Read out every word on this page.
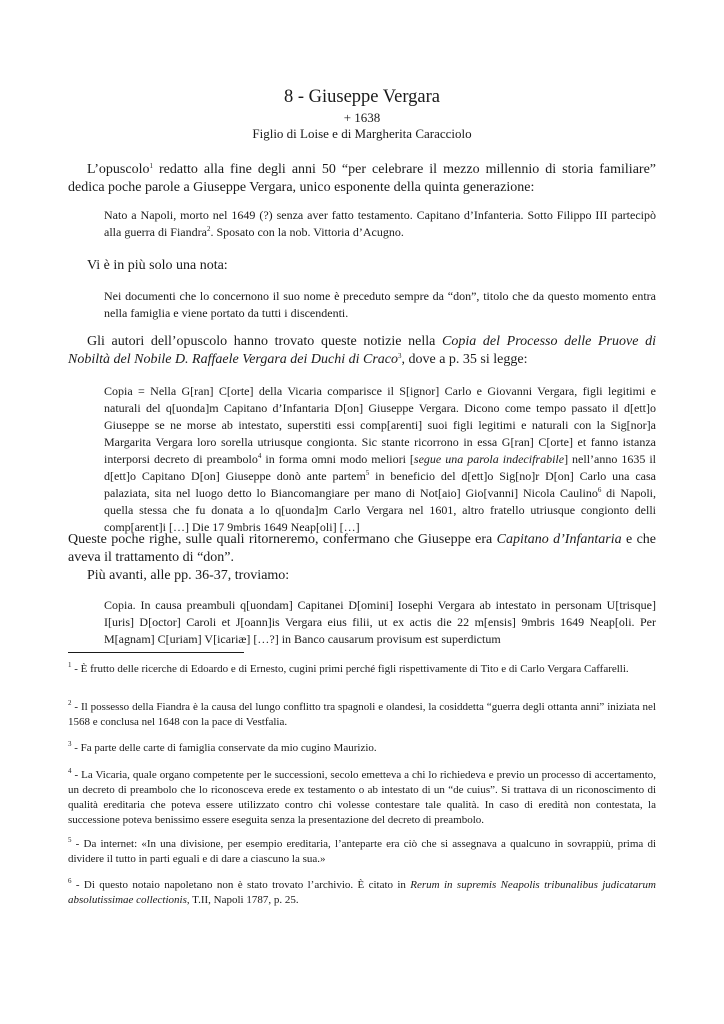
8 - Giuseppe Vergara
+ 1638
Figlio di Loise e di Margherita Caracciolo
L’opuscolo$^1$ redatto alla fine degli anni 50 “per celebrare il mezzo millennio di storia familiare” dedica poche parole a Giuseppe Vergara, unico esponente della quinta generazione:
Nato a Napoli, morto nel 1649 (?) senza aver fatto testamento. Capitano d’Infanteria. Sotto Filippo III partecipò alla guerra di Fiandra$^2$. Sposato con la nob. Vittoria d’Acugno.
Vi è in più solo una nota:
Nei documenti che lo concernono il suo nome è preceduto sempre da “don”, titolo che da questo momento entra nella famiglia e viene portato da tutti i discendenti.
Gli autori dell’opuscolo hanno trovato queste notizie nella Copia del Processo delle Pruove di Nobiltà del Nobile D. Raffaele Vergara dei Duchi di Craco$^3$, dove a p. 35 si legge:
Copia = Nella G[ran] C[orte] della Vicaria comparisce il S[ignor] Carlo e Giovanni Vergara, figli legitimi e naturali del q[uonda]m Capitano d’Infantaria D[on] Giuseppe Vergara. Dicono come tempo passato il d[ett]o Giuseppe se ne morse ab intestato, superstiti essi comp[arenti] suoi figli legitimi e naturali con la Sig[nor]a Margarita Vergara loro sorella utriusque congionta. Sic stante ricorrono in essa G[ran] C[orte] et fanno istanza interporsi decreto di preambolo$^4$ in forma omni modo meliori [segue una parola indecifrabile] nell’anno 1635 il d[ett]o Capitano D[on] Giuseppe donò ante partem$^5$ in beneficio del d[ett]o Sig[no]r D[on] Carlo una casa palaziata, sita nel luogo detto lo Biancomangiare per mano di Not[aio] Gio[vanni] Nicola Caulino$^6$ di Napoli, quella stessa che fu donata a lo q[uonda]m Carlo Vergara nel 1601, altro fratello utriusque congionto delli comp[arent]i […] Die 17 9mbris 1649 Neap[oli] […]
Queste poche righe, sulle quali ritorneremo, confermano che Giuseppe era Capitano d’Infantaria e che aveva il trattamento di “don”.
Più avanti, alle pp. 36-37, troviamo:
Copia. In causa preambuli q[uondam] Capitanei D[omini] Iosephi Vergara ab intestato in personam U[trisque] I[uris] D[octor] Caroli et J[oann]is Vergara eius filii, ut ex actis die 22 m[ensis] 9mbris 1649 Neap[oli. Per M[agnam] C[uriam] V[icariæ] […?] in Banco causarum provisum est superdictum
$^1$ - È frutto delle ricerche di Edoardo e di Ernesto, cugini primi perché figli rispettivamente di Tito e di Carlo Vergara Caffarelli.
$^2$ - Il possesso della Fiandra è la causa del lungo conflitto tra spagnoli e olandesi, la cosiddetta “guerra degli ottanta anni” iniziata nel 1568 e conclusa nel 1648 con la pace di Vestfalia.
$^3$ - Fa parte delle carte di famiglia conservate da mio cugino Maurizio.
$^4$ - La Vicaria, quale organo competente per le successioni, secolo emetteva a chi lo richiedeva e previo un processo di accertamento, un decreto di preambolo che lo riconosceva erede ex testamento o ab intestato di un “de cuius”. Si trattava di un riconoscimento di qualità ereditaria che poteva essere utilizzato contro chi volesse contestare tale qualità. In caso di eredità non contestata, la successione poteva benissimo essere eseguita senza la presentazione del decreto di preambolo.
$^5$ - Da internet: «In una divisione, per esempio ereditaria, l’anteparte era ciò che si assegnava a qualcuno in sovrappiù, prima di dividere il tutto in parti eguali e di dare a ciascuno la sua.»
$^6$ - Di questo notaio napoletano non è stato trovato l’archivio. È citato in Rerum in supremis Neapolis tribunalibus judicatarum absolutissimae collectionis, T.II, Napoli 1787, p. 25.
